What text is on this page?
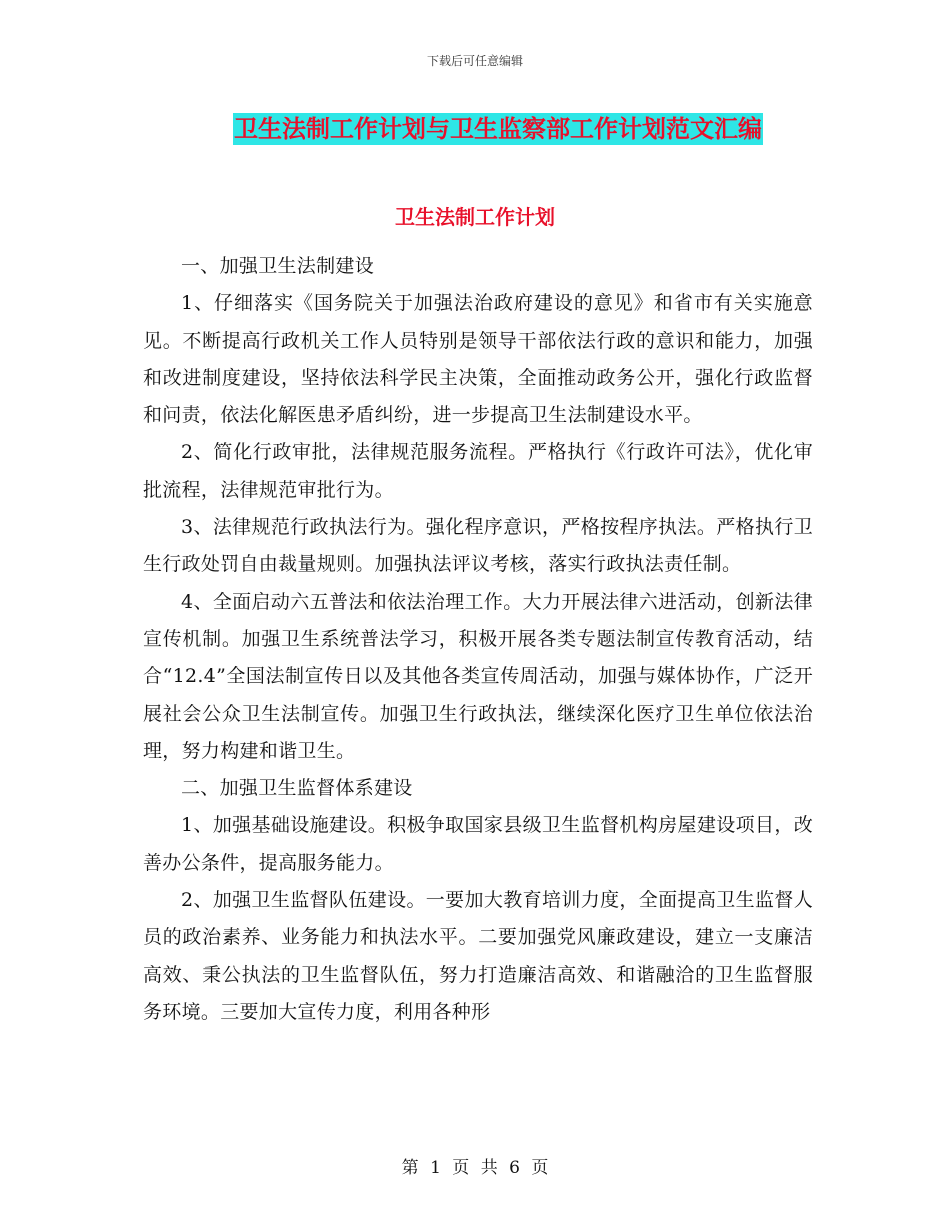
下载后可任意编辑
卫生法制工作计划与卫生监察部工作计划范文汇编
卫生法制工作计划

一、加强卫生法制建设

1、仔细落实《国务院关于加强法治政府建设的意见》和省市有关实施意见。不断提高行政机关工作人员特别是领导干部依法行政的意识和能力，加强和改进制度建设，坚持依法科学民主决策，全面推动政务公开，强化行政监督和问责，依法化解医患矛盾纠纷，进一步提高卫生法制建设水平。

2、简化行政审批，法律规范服务流程。严格执行《行政许可法》，优化审批流程，法律规范审批行为。

3、法律规范行政执法行为。强化程序意识，严格按程序执法。严格执行卫生行政处罚自由裁量规则。加强执法评议考核，落实行政执法责任制。

4、全面启动六五普法和依法治理工作。大力开展法律六进活动，创新法律宣传机制。加强卫生系统普法学习，积极开展各类专题法制宣传教育活动，结合“12.4”全国法制宣传日以及其他各类宣传周活动，加强与媒体协作，广泛开展社会公众卫生法制宣传。加强卫生行政执法，继续深化医疗卫生单位依法治理，努力构建和谐卫生。

二、加强卫生监督体系建设

1、加强基础设施建设。积极争取国家县级卫生监督机构房屋建设项目，改善办公条件，提高服务能力。

2、加强卫生监督队伍建设。一要加大教育培训力度，全面提高卫生监督人员的政治素养、业务能力和执法水平。二要加强党风廉政建设，建立一支廉洁高效、秉公执法的卫生监督队伍，努力打造廉洁高效、和谐融洽的卫生监督服务环境。三要加大宣传力度，利用各种形

第 1 页 共 6 页
